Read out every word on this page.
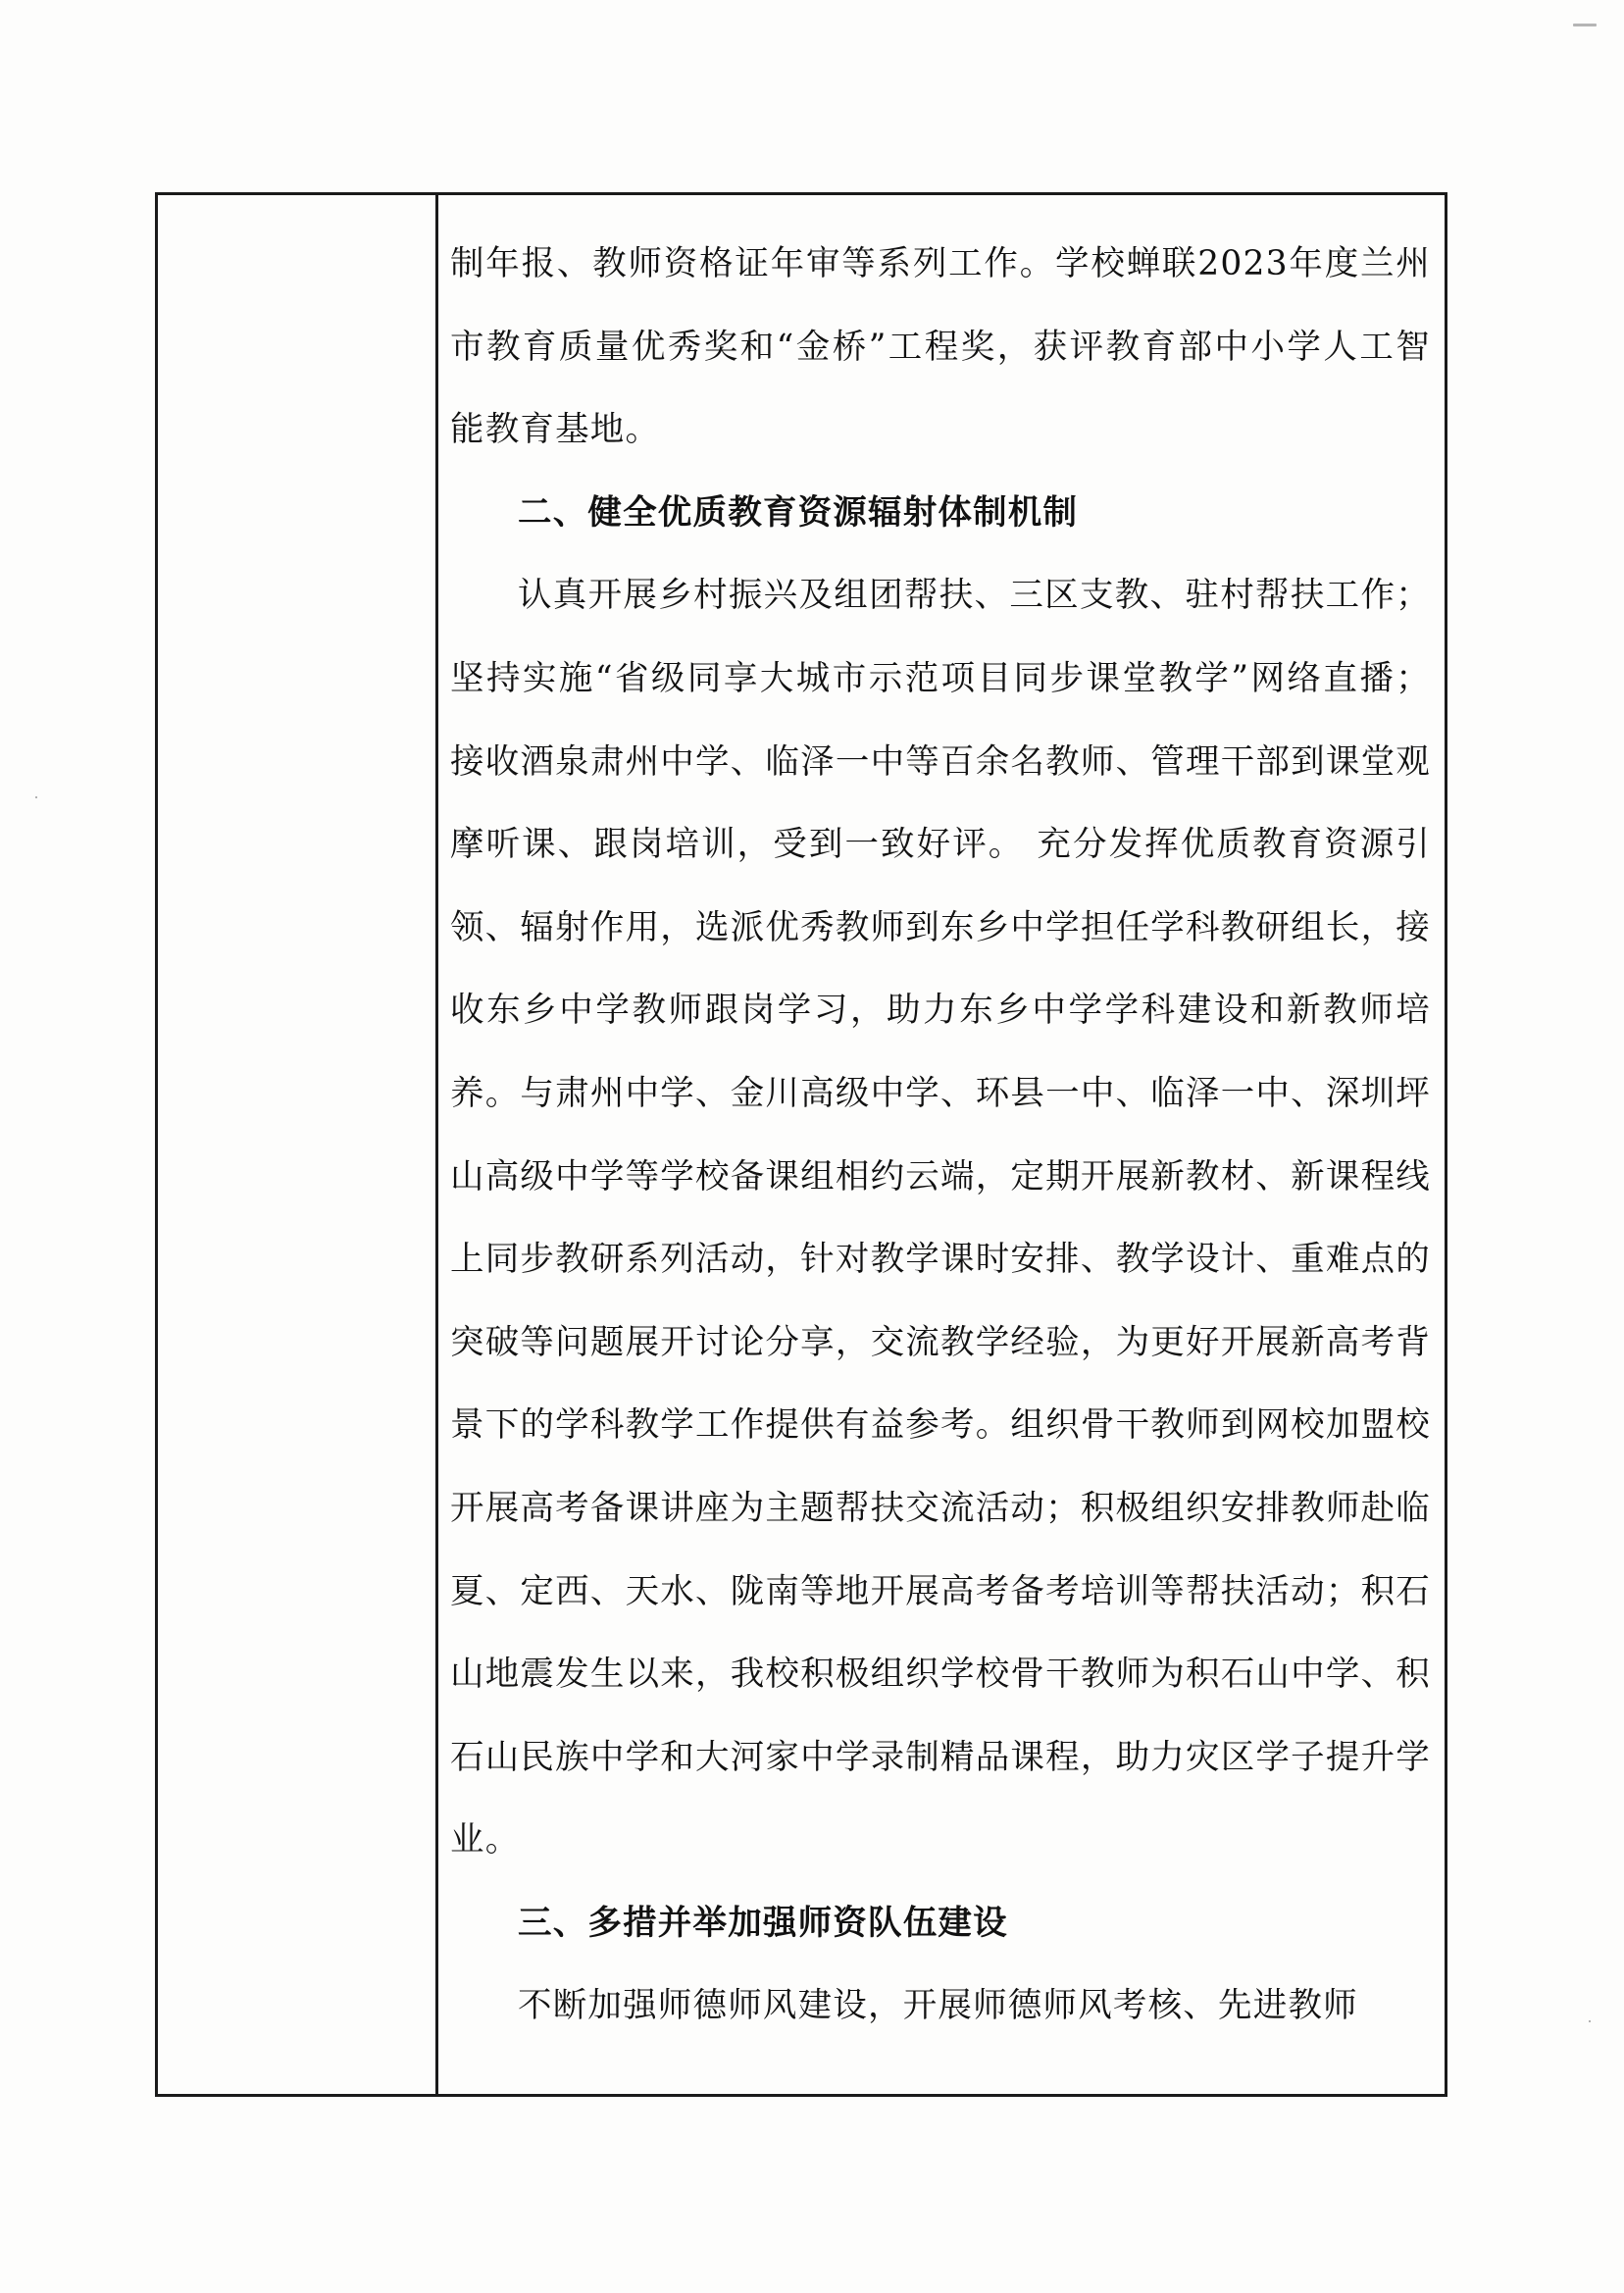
制年报、教师资格证年审等系列工作。学校蝉联2023年度兰州市教育质量优秀奖和“金桥”工程奖，获评教育部中小学人工智能教育基地。

二、健全优质教育资源辐射体制机制

认真开展乡村振兴及组团帮扶、三区支教、驻村帮扶工作；坚持实施“省级同享大城市示范项目同步课堂教学”网络直播；接收酒泉肃州中学、临泽一中等百余名教师、管理干部到课堂观摩听课、跟岗培训，受到一致好评。 充分发挥优质教育资源引领、辐射作用，选派优秀教师到东乡中学担任学科教研组长，接收东乡中学教师跟岗学习，助力东乡中学学科建设和新教师培养。与肃州中学、金川高级中学、环县一中、临泽一中、深圳坪山高级中学等学校备课组相约云端，定期开展新教材、新课程线上同步教研系列活动，针对教学课时安排、教学设计、重难点的突破等问题展开讨论分享，交流教学经验，为更好开展新高考背景下的学科教学工作提供有益参考。组织骨干教师到网校加盟校开展高考备课讲座为主题帮扶交流活动；积极组织安排教师赴临夏、定西、天水、陇南等地开展高考备考培训等帮扶活动；积石山地震发生以来，我校积极组织学校骨干教师为积石山中学、积石山民族中学和大河家中学录制精品课程，助力灾区学子提升学业。

三、多措并举加强师资队伍建设

不断加强师德师风建设，开展师德师风考核、先进教师
